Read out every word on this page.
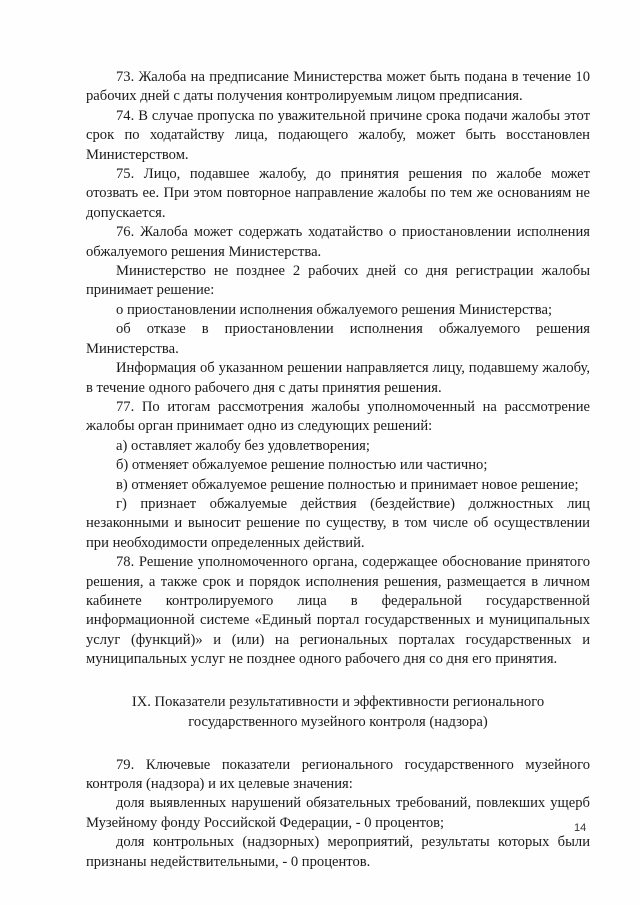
73. Жалоба на предписание Министерства может быть подана в течение 10 рабочих дней с даты получения контролируемым лицом предписания.

74. В случае пропуска по уважительной причине срока подачи жалобы этот срок по ходатайству лица, подающего жалобу, может быть восстановлен Министерством.

75. Лицо, подавшее жалобу, до принятия решения по жалобе может отозвать ее. При этом повторное направление жалобы по тем же основаниям не допускается.

76. Жалоба может содержать ходатайство о приостановлении исполнения обжалуемого решения Министерства.

Министерство не позднее 2 рабочих дней со дня регистрации жалобы принимает решение:

о приостановлении исполнения обжалуемого решения Министерства;

об отказе в приостановлении исполнения обжалуемого решения Министерства.

Информация об указанном решении направляется лицу, подавшему жалобу, в течение одного рабочего дня с даты принятия решения.

77. По итогам рассмотрения жалобы уполномоченный на рассмотрение жалобы орган принимает одно из следующих решений:

а) оставляет жалобу без удовлетворения;

б) отменяет обжалуемое решение полностью или частично;

в) отменяет обжалуемое решение полностью и принимает новое решение;

г) признает обжалуемые действия (бездействие) должностных лиц незаконными и выносит решение по существу, в том числе об осуществлении при необходимости определенных действий.

78. Решение уполномоченного органа, содержащее обоснование принятого решения, а также срок и порядок исполнения решения, размещается в личном кабинете контролируемого лица в федеральной государственной информационной системе «Единый портал государственных и муниципальных услуг (функций)» и (или) на региональных порталах государственных и муниципальных услуг не позднее одного рабочего дня со дня его принятия.

IX. Показатели результативности и эффективности регионального
государственного музейного контроля (надзора)

79. Ключевые показатели регионального государственного музейного контроля (надзора) и их целевые значения:

доля выявленных нарушений обязательных требований, повлекших ущерб Музейному фонду Российской Федерации, - 0 процентов;

доля контрольных (надзорных) мероприятий, результаты которых были признаны недействительными, - 0 процентов.

14
